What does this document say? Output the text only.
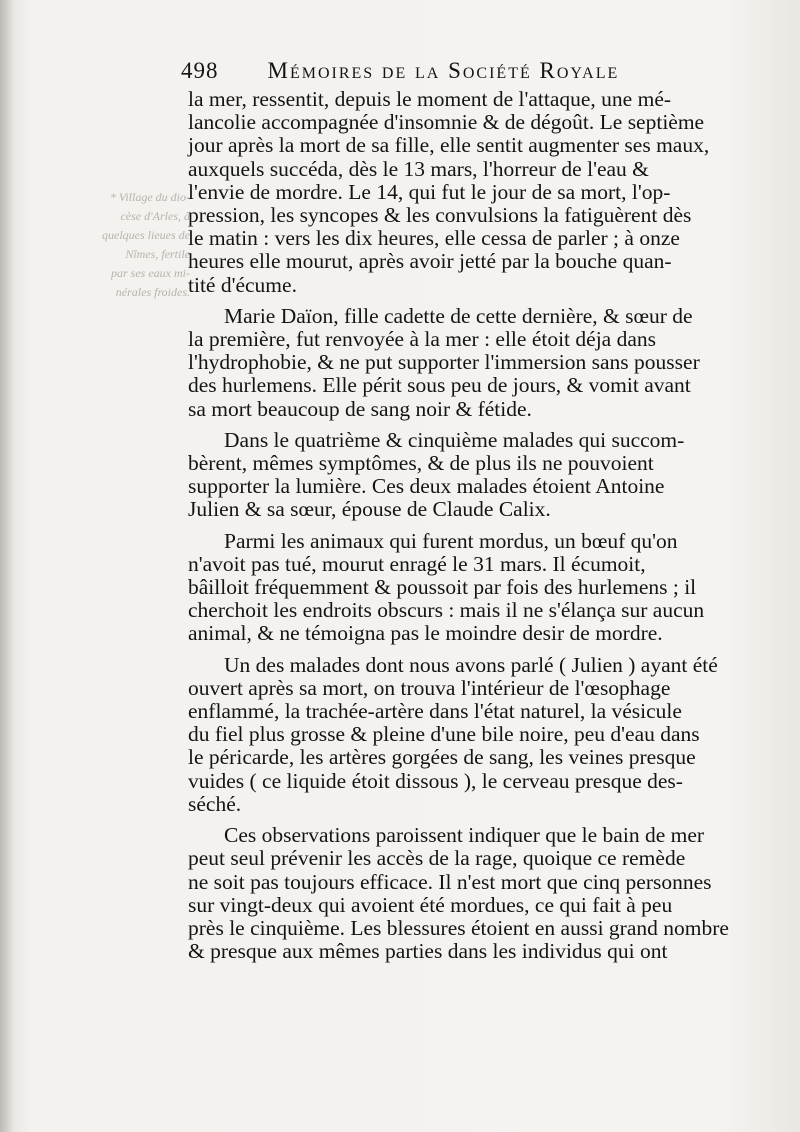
* Village du dio-
cèse d'Arles, à
quelques lieues de
Nîmes, fertile
par ses eaux mi-
nérales froides.
498 Mémoires de la Société Royale
la mer, ressentit, depuis le moment de l'attaque, une mé-
lancolie accompagnée d'insomnie & de dégoût. Le septième
jour après la mort de sa fille, elle sentit augmenter ses maux,
auxquels succéda, dès le 13 mars, l'horreur de l'eau &
l'envie de mordre. Le 14, qui fut le jour de sa mort, l'op-
pression, les syncopes & les convulsions la fatiguèrent dès
le matin : vers les dix heures, elle cessa de parler ; à onze
heures elle mourut, après avoir jetté par la bouche quan-
tité d'écume.
Marie Daïon, fille cadette de cette dernière, & sœur de
la première, fut renvoyée à la mer : elle étoit déja dans
l'hydrophobie, & ne put supporter l'immersion sans pousser
des hurlemens. Elle périt sous peu de jours, & vomit avant
sa mort beaucoup de sang noir & fétide.
Dans le quatrième & cinquième malades qui succom-
bèrent, mêmes symptômes, & de plus ils ne pouvoient
supporter la lumière. Ces deux malades étoient Antoine
Julien & sa sœur, épouse de Claude Calix.
Parmi les animaux qui furent mordus, un bœuf qu'on
n'avoit pas tué, mourut enragé le 31 mars. Il écumoit,
bâilloit fréquemment & poussoit par fois des hurlemens ; il
cherchoit les endroits obscurs : mais il ne s'élança sur aucun
animal, & ne témoigna pas le moindre desir de mordre.
Un des malades dont nous avons parlé ( Julien ) ayant été
ouvert après sa mort, on trouva l'intérieur de l'œsophage
enflammé, la trachée-artère dans l'état naturel, la vésicule
du fiel plus grosse & pleine d'une bile noire, peu d'eau dans
le péricarde, les artères gorgées de sang, les veines presque
vuides ( ce liquide étoit dissous ), le cerveau presque des-
séché.
Ces observations paroissent indiquer que le bain de mer
peut seul prévenir les accès de la rage, quoique ce remède
ne soit pas toujours efficace. Il n'est mort que cinq personnes
sur vingt-deux qui avoient été mordues, ce qui fait à peu
près le cinquième. Les blessures étoient en aussi grand nombre
& presque aux mêmes parties dans les individus qui ont
